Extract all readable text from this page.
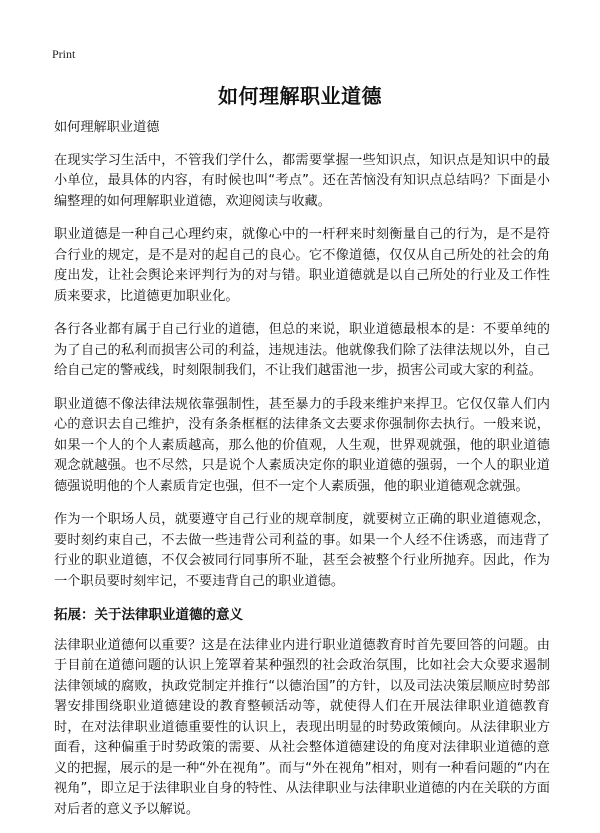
Print
如何理解职业道德

如何理解职业道德

在现实学习生活中，不管我们学什么，都需要掌握一些知识点，知识点是知识中的最小单位，最具体的内容，有时候也叫“考点”。还在苦恼没有知识点总结吗？下面是小编整理的如何理解职业道德，欢迎阅读与收藏。

职业道德是一种自己心理约束，就像心中的一杆秤来时刻衡量自己的行为，是不是符合行业的规定，是不是对的起自己的良心。它不像道德，仅仅从自己所处的社会的角度出发，让社会舆论来评判行为的对与错。职业道德就是以自己所处的行业及工作性质来要求，比道德更加职业化。

各行各业都有属于自己行业的道德，但总的来说，职业道德最根本的是：不要单纯的为了自己的私利而损害公司的利益，违规违法。他就像我们除了法律法规以外，自己给自己定的警戒线，时刻限制我们，不让我们越雷池一步，损害公司或大家的利益。

职业道德不像法律法规依靠强制性，甚至暴力的手段来维护来捍卫。它仅仅靠人们内心的意识去自己维护，没有条条框框的法律条文去要求你强制你去执行。一般来说，如果一个人的个人素质越高，那么他的价值观，人生观，世界观就强，他的职业道德观念就越强。也不尽然，只是说个人素质决定你的职业道德的强弱，一个人的职业道德强说明他的个人素质肯定也强，但不一定个人素质强，他的职业道德观念就强。

作为一个职场人员，就要遵守自己行业的规章制度，就要树立正确的职业道德观念，要时刻约束自己，不去做一些违背公司利益的事。如果一个人经不住诱惑，而违背了行业的职业道德，不仅会被同行同事所不耻，甚至会被整个行业所抛弃。因此，作为一个职员要时刻牢记，不要违背自己的职业道德。

拓展：关于法律职业道德的意义

法律职业道德何以重要？这是在法律业内进行职业道德教育时首先要回答的问题。由于目前在道德问题的认识上笼罩着某种强烈的社会政治氛围，比如社会大众要求遏制法律领域的腐败，执政党制定并推行“以德治国”的方针，以及司法决策层顺应时势部署安排围绕职业道德建设的教育整顿活动等，就使得人们在开展法律职业道德教育时，在对法律职业道德重要性的认识上，表现出明显的时势政策倾向。从法律职业方面看，这种偏重于时势政策的需要、从社会整体道德建设的角度对法律职业道德的意义的把握，展示的是一种“外在视角”。而与“外在视角”相对，则有一种看问题的“内在视角”，即立足于法律职业自身的特性、从法律职业与法律职业道德的内在关联的方面对后者的意义予以解说。
